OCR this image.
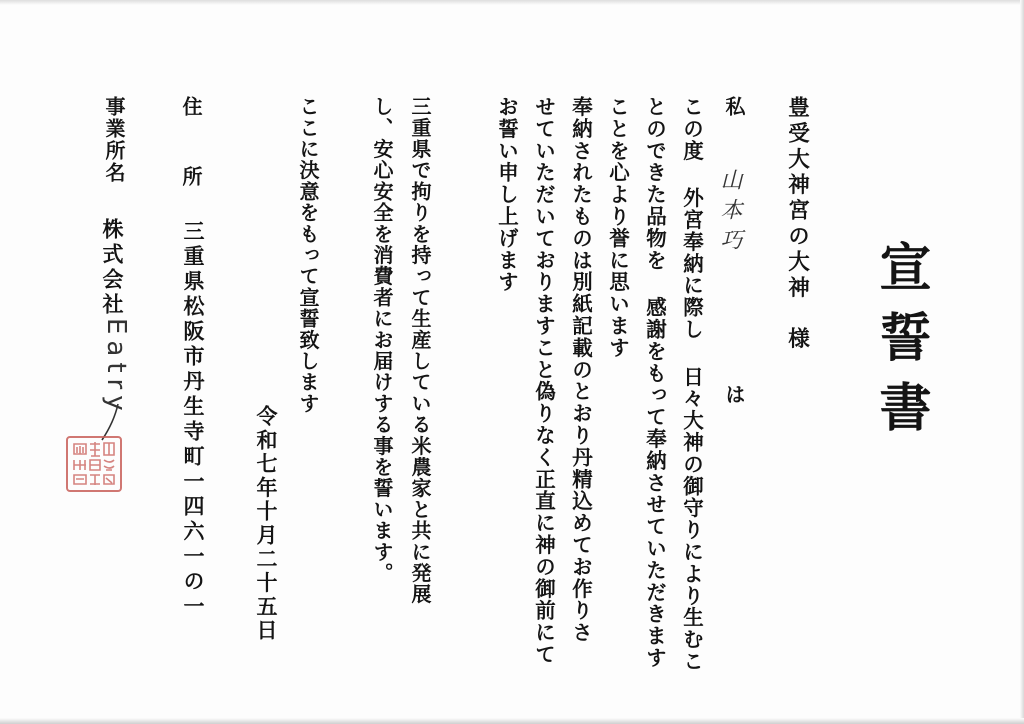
宣誓書
豊受大神宮の大神　様
私
山本巧
は
この度 外宮奉納に際し 日々大神の御守りにより生むこ
とのできた品物を 感謝をもって奉納させていただきます
ことを心より誉に思います
奉納されたものは別紙記載のとおり丹精込めてお作りさ
せていただいておりますこと偽りなく正直に神の御前にて
お誓い申し上げます
三重県で拘りを持って生産している米農家と共に発展
し、安心安全を消費者にお届けする事を誓います。
ここに決意をもって宣誓致します
令和七年十月二十五日
住
所
三重県松阪市丹生寺町一四六一の一
事業所名
株式会社
Eatry
